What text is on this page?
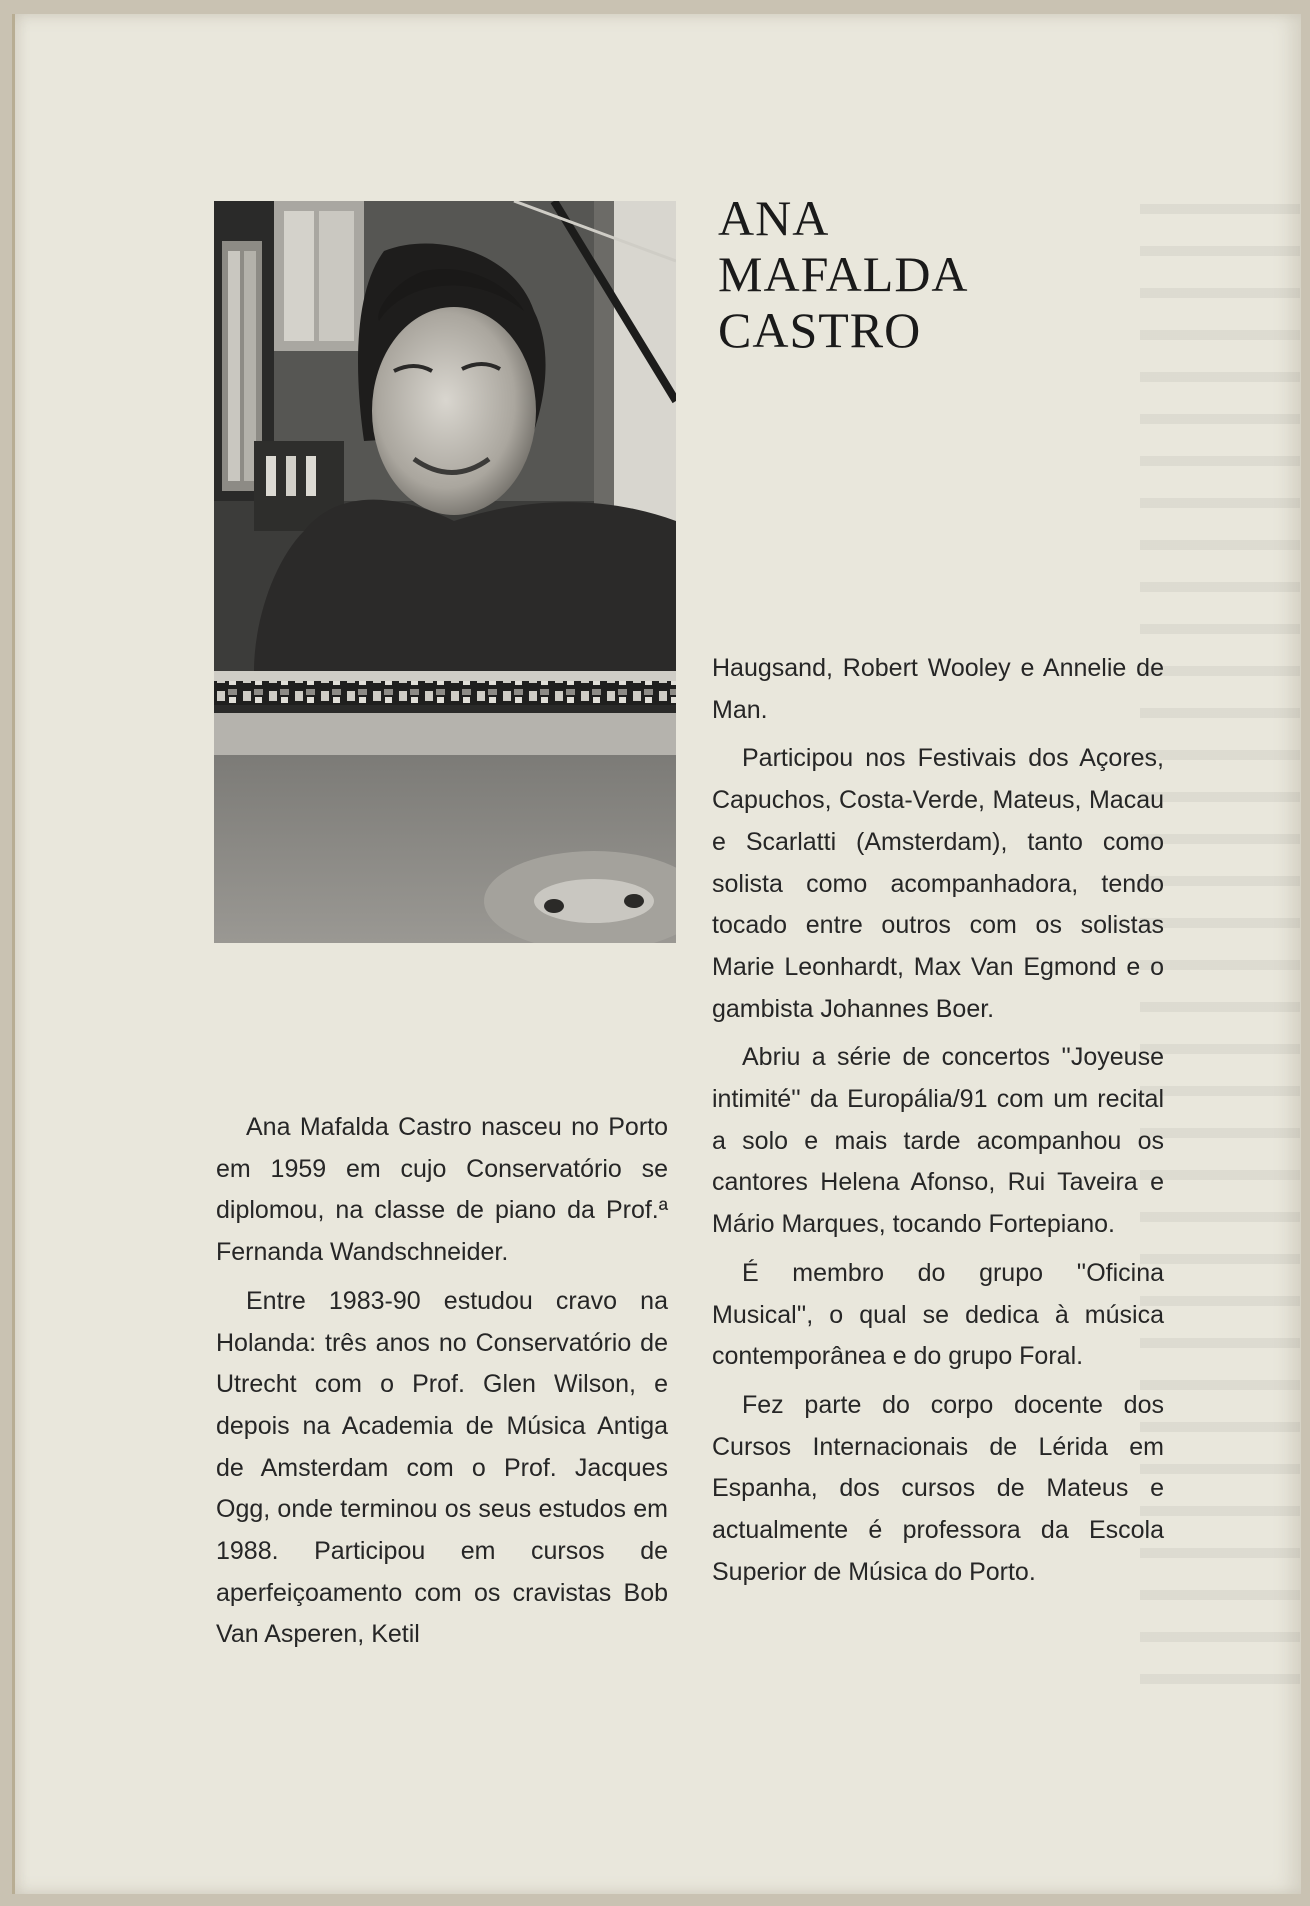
ANA
MAFALDA
CASTRO

Ana Mafalda Castro nasceu no Porto em 1959 em cujo Conservatório se diplomou, na classe de piano da Prof.ª Fernanda Wandschneider.

Entre 1983-90 estudou cravo na Holanda: três anos no Conservatório de Utrecht com o Prof. Glen Wilson, e depois na Academia de Música Antiga de Amsterdam com o Prof. Jacques Ogg, onde terminou os seus estudos em 1988. Participou em cursos de aperfeiçoamento com os cravistas Bob Van Asperen, Ketil

Haugsand, Robert Wooley e Annelie de Man.

Participou nos Festivais dos Açores, Capuchos, Costa-Verde, Mateus, Macau e Scarlatti (Amsterdam), tanto como solista como acompanhadora, tendo tocado entre outros com os solistas Marie Leonhardt, Max Van Egmond e o gambista Johannes Boer.

Abriu a série de concertos ''Joyeuse intimité'' da Europália/91 com um recital a solo e mais tarde acompanhou os cantores Helena Afonso, Rui Taveira e Mário Marques, tocando Fortepiano.

É membro do grupo ''Oficina Musical'', o qual se dedica à música contemporânea e do grupo Foral.

Fez parte do corpo docente dos Cursos Internacionais de Lérida em Espanha, dos cursos de Mateus e actualmente é professora da Escola Superior de Música do Porto.
